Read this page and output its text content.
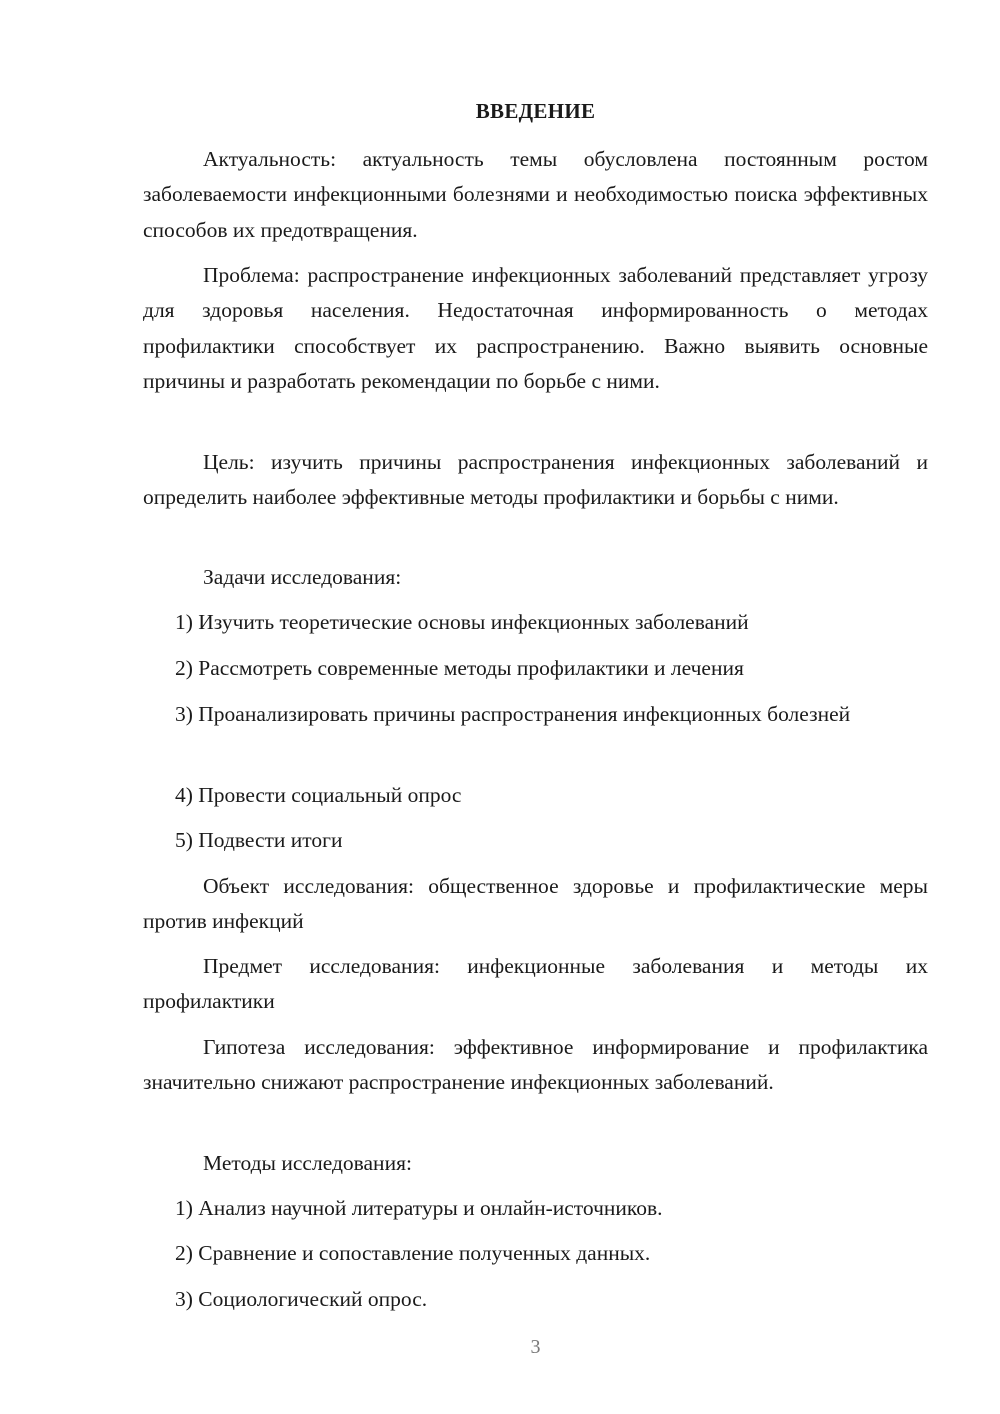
ВВЕДЕНИЕ

Актуальность: актуальность темы обусловлена постоянным ростом заболеваемости инфекционными болезнями и необходимостью поиска эффективных способов их предотвращения.

Проблема: распространение инфекционных заболеваний представляет угрозу для здоровья населения. Недостаточная информированность о методах профилактики способствует их распространению. Важно выявить основные причины и разработать рекомендации по борьбе с ними.

Цель: изучить причины распространения инфекционных заболеваний и определить наиболее эффективные методы профилактики и борьбы с ними.

Задачи исследования:

1) Изучить теоретические основы инфекционных заболеваний

2) Рассмотреть современные методы профилактики и лечения

3) Проанализировать причины распространения инфекционных болезней

4) Провести социальный опрос

5) Подвести итоги

Объект исследования: общественное здоровье и профилактические меры против инфекций

Предмет исследования: инфекционные заболевания и методы их профилактики

Гипотеза исследования: эффективное информирование и профилактика значительно снижают распространение инфекционных заболеваний.

Методы исследования:

1) Анализ научной литературы и онлайн-источников.

2) Сравнение и сопоставление полученных данных.

3) Социологический опрос.

3
